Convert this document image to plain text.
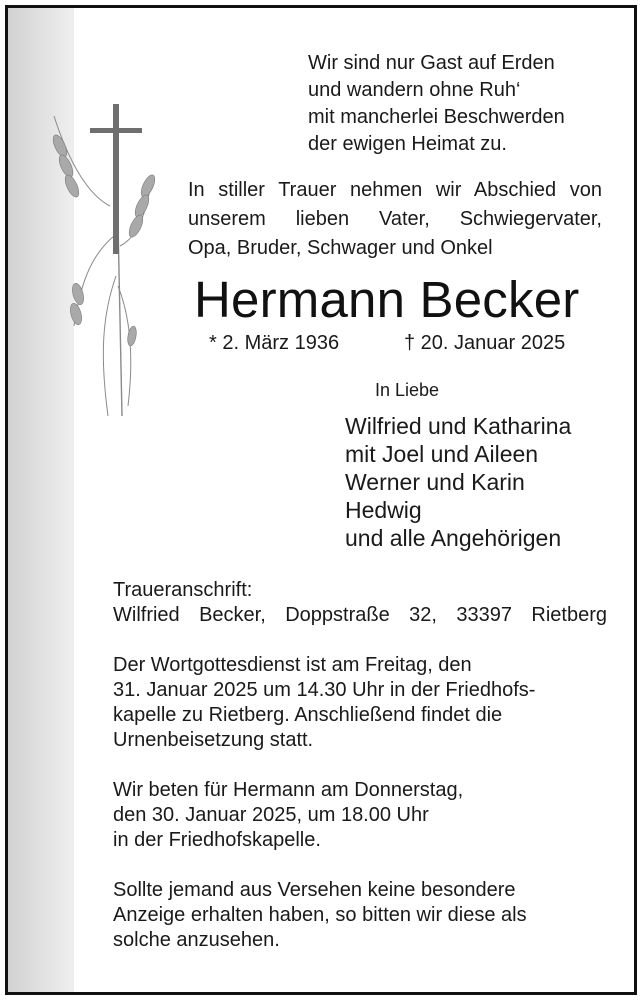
Wir sind nur Gast auf Erden
und wandern ohne Ruh‘
mit mancherlei Beschwerden
der ewigen Heimat zu.
In stiller Trauer nehmen wir Abschied von
unserem lieben Vater, Schwiegervater,
Opa, Bruder, Schwager und Onkel
Hermann Becker
* 2. März 1936	† 20. Januar 2025
In Liebe
Wilfried und Katharina
mit Joel und Aileen
Werner und Karin
Hedwig
und alle Angehörigen
Traueranschrift:
Wilfried Becker, Doppstraße 32, 33397 Rietberg
Der Wortgottesdienst ist am Freitag, den
31. Januar 2025 um 14.30 Uhr in der Friedhofs-
kapelle zu Rietberg. Anschließend findet die
Urnenbeisetzung statt.
Wir beten für Hermann am Donnerstag,
den 30. Januar 2025, um 18.00 Uhr
in der Friedhofskapelle.
Sollte jemand aus Versehen keine besondere
Anzeige erhalten haben, so bitten wir diese als
solche anzusehen.
